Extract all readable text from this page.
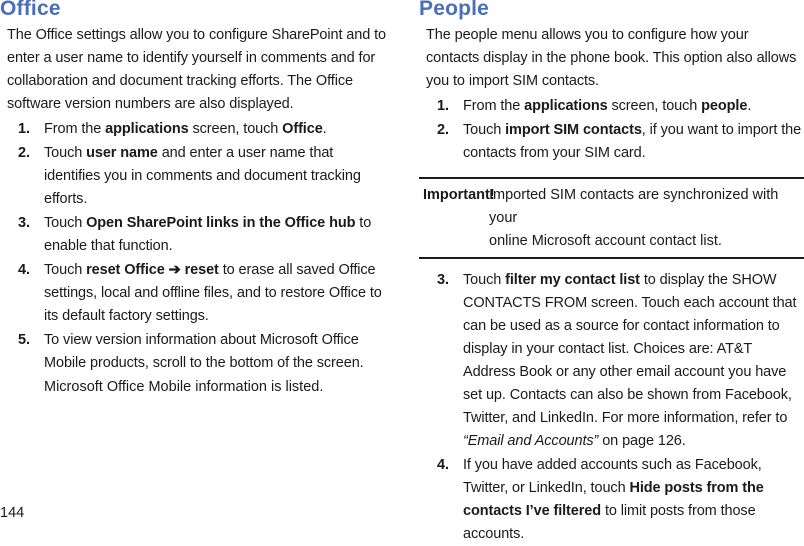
Office

The Office settings allow you to configure SharePoint and to enter a user name to identify yourself in comments and for collaboration and document tracking efforts. The Office software version numbers are also displayed.

1. From the applications screen, touch Office.
2. Touch user name and enter a user name that identifies you in comments and document tracking efforts.
3. Touch Open SharePoint links in the Office hub to enable that function.
4. Touch reset Office ➔ reset to erase all saved Office settings, local and offline files, and to restore Office to its default factory settings.
5. To view version information about Microsoft Office Mobile products, scroll to the bottom of the screen.
Microsoft Office Mobile information is listed.
People

The people menu allows you to configure how your contacts display in the phone book. This option also allows you to import SIM contacts.

1. From the applications screen, touch people.
2. Touch import SIM contacts, if you want to import the contacts from your SIM card.
Important!
Imported SIM contacts are synchronized with your
online Microsoft account contact list.
3. Touch filter my contact list to display the SHOW CONTACTS FROM screen. Touch each account that can be used as a source for contact information to display in your contact list. Choices are: AT&T Address Book or any other email account you have set up. Contacts can also be shown from Facebook, Twitter, and LinkedIn. For more information, refer to “Email and Accounts” on page 126.
4. If you have added accounts such as Facebook, Twitter, or LinkedIn, touch Hide posts from the contacts I’ve filtered to limit posts from those accounts.
144
